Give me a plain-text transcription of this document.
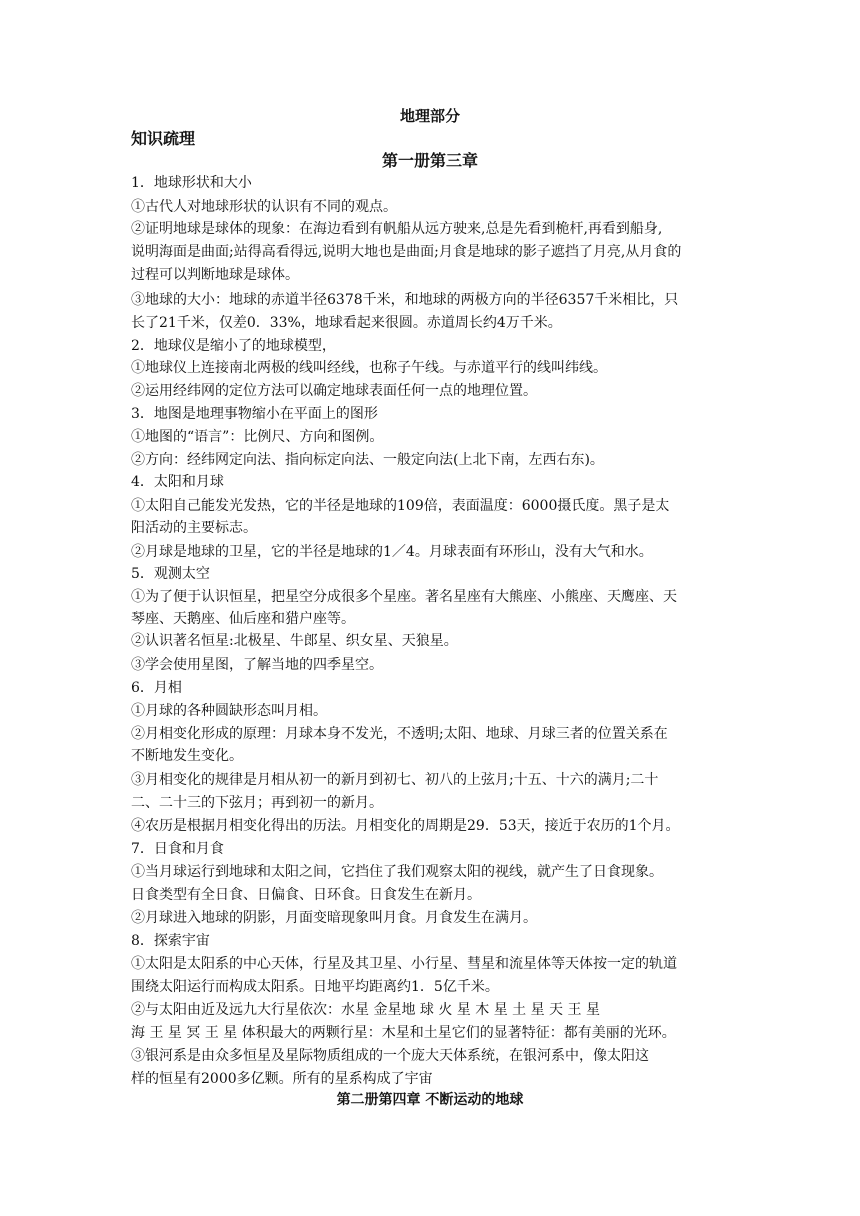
地理部分
知识疏理
第一册第三章
1．地球形状和大小
①古代人对地球形状的认识有不同的观点。
②证明地球是球体的现象：在海边看到有帆船从远方驶来,总是先看到桅杆,再看到船身,
说明海面是曲面;站得高看得远,说明大地也是曲面;月食是地球的影子遮挡了月亮,从月食的
过程可以判断地球是球体。
③地球的大小：地球的赤道半径6378千米，和地球的两极方向的半径6357千米相比，只
长了21千米，仅差0．33%，地球看起来很圆。赤道周长约4万千米。
2．地球仪是缩小了的地球模型，
①地球仪上连接南北两极的线叫经线，也称子午线。与赤道平行的线叫纬线。
②运用经纬网的定位方法可以确定地球表面任何一点的地理位置。
3．地图是地理事物缩小在平面上的图形
①地图的“语言”：比例尺、方向和图例。
②方向：经纬网定向法、指向标定向法、一般定向法(上北下南，左西右东)。
4．太阳和月球
①太阳自己能发光发热，它的半径是地球的109倍，表面温度：6000摄氏度。黑子是太
阳活动的主要标志。
②月球是地球的卫星，它的半径是地球的1／4。月球表面有环形山，没有大气和水。
5．观测太空
①为了便于认识恒星，把星空分成很多个星座。著名星座有大熊座、小熊座、天鹰座、天
琴座、天鹅座、仙后座和猎户座等。
②认识著名恒星:北极星、牛郎星、织女星、天狼星。
③学会使用星图，了解当地的四季星空。
6．月相
①月球的各种圆缺形态叫月相。
②月相变化形成的原理：月球本身不发光，不透明;太阳、地球、月球三者的位置关系在
不断地发生变化。
③月相变化的规律是月相从初一的新月到初七、初八的上弦月;十五、十六的满月;二十
二、二十三的下弦月；再到初一的新月。
④农历是根据月相变化得出的历法。月相变化的周期是29．53天，接近于农历的1个月。
7．日食和月食
①当月球运行到地球和太阳之间，它挡住了我们观察太阳的视线，就产生了日食现象。
日食类型有全日食、日偏食、日环食。日食发生在新月。
②月球进入地球的阴影，月面变暗现象叫月食。月食发生在满月。
8．探索宇宙
①太阳是太阳系的中心天体，行星及其卫星、小行星、彗星和流星体等天体按一定的轨道
围绕太阳运行而构成太阳系。日地平均距离约1．5亿千米。
②与太阳由近及远九大行星依次：水星 金星地 球 火 星 木 星 土 星 天 王 星
海 王 星 冥 王 星 体积最大的两颗行星：木星和土星它们的显著特征：都有美丽的光环。
③银河系是由众多恒星及星际物质组成的一个庞大天体系统，在银河系中，像太阳这
样的恒星有2000多亿颗。所有的星系构成了宇宙
第二册第四章 不断运动的地球
